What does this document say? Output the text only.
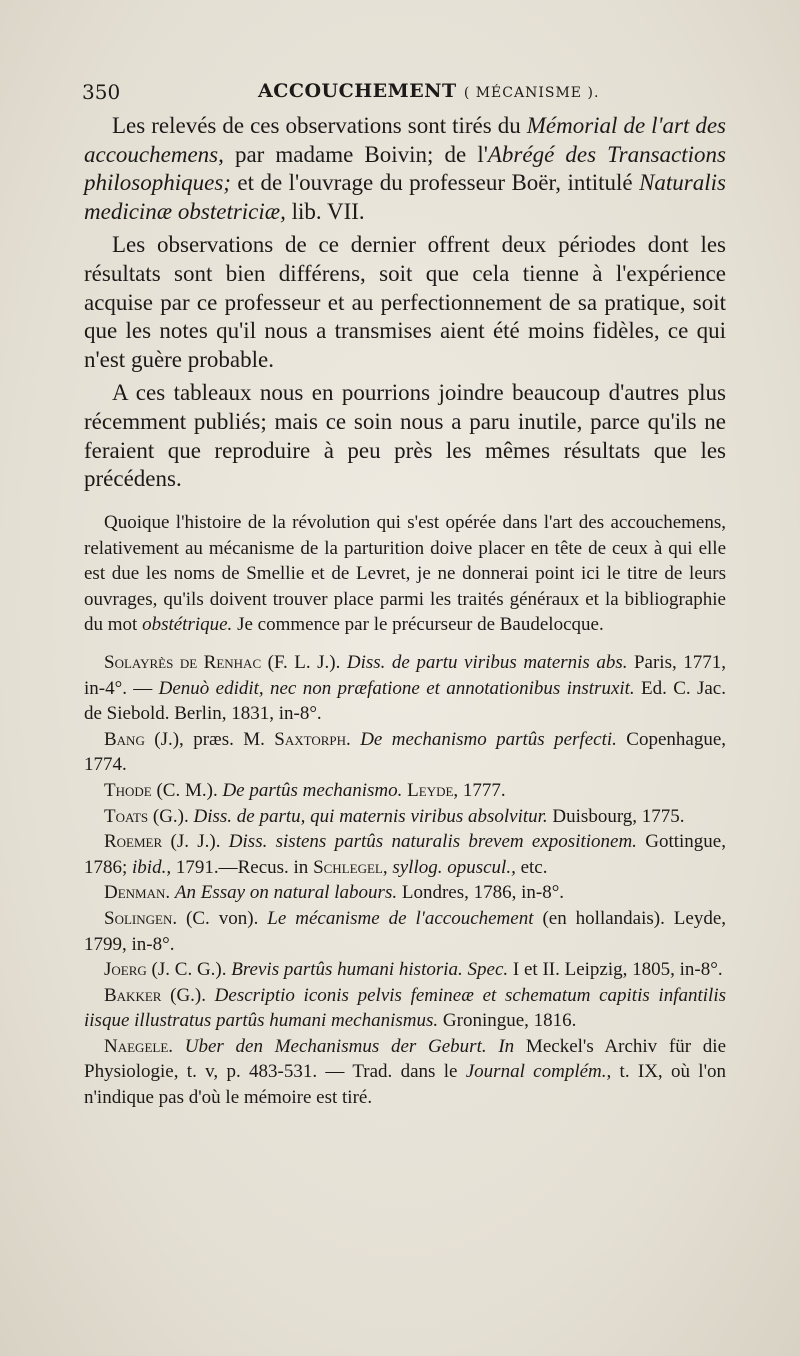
350	ACCOUCHEMENT ( MÉCANISME ).

Les relevés de ces observations sont tirés du Mémorial de l'art des accouchemens, par madame Boivin; de l'Abrégé des Transactions philosophiques; et de l'ouvrage du professeur Boër, intitulé Naturalis medicinæ obstetriciæ, lib. VII.

Les observations de ce dernier offrent deux périodes dont les résultats sont bien différens, soit que cela tienne à l'expérience acquise par ce professeur et au perfectionnement de sa pratique, soit que les notes qu'il nous a transmises aient été moins fidèles, ce qui n'est guère probable.

A ces tableaux nous en pourrions joindre beaucoup d'autres plus récemment publiés; mais ce soin nous a paru inutile, parce qu'ils ne feraient que reproduire à peu près les mêmes résultats que les précédens.

Quoique l'histoire de la révolution qui s'est opérée dans l'art des accouchemens, relativement au mécanisme de la parturition doive placer en tête de ceux à qui elle est due les noms de Smellie et de Levret, je ne donnerai point ici le titre de leurs ouvrages, qu'ils doivent trouver place parmi les traités généraux et la bibliographie du mot obstétrique. Je commence par le précurseur de Baudelocque.

Solayrès de Renhac (F. L. J.). Diss. de partu viribus maternis abs. Paris, 1771, in-4°. — Denuò edidit, nec non præfatione et annotationibus instruxit. Ed. C. Jac. de Siebold. Berlin, 1831, in-8°.

Bang (J.), præs. M. Saxtorph. De mechanismo partûs perfecti. Copenhague, 1774.

Thode (C. M.). De partûs mechanismo. Leyde, 1777.

Toats (G.). Diss. de partu, qui maternis viribus absolvitur. Duisbourg, 1775.

Roemer (J. J.). Diss. sistens partûs naturalis brevem expositionem. Gottingue, 1786; ibid., 1791.—Recus. in Schlegel, syllog. opuscul., etc.

Denman. An Essay on natural labours. Londres, 1786, in-8°.

Solingen. (C. von). Le mécanisme de l'accouchement (en hollandais). Leyde, 1799, in-8°.

Joerg (J. C. G.). Brevis partûs humani historia. Spec. I et II. Leipzig, 1805, in-8°.

Bakker (G.). Descriptio iconis pelvis femineæ et schematum capitis infantilis iisque illustratus partûs humani mechanismus. Groningue, 1816.

Naegele. Uber den Mechanismus der Geburt. In Meckel's Archiv für die Physiologie, t. v, p. 483-531. — Trad. dans le Journal complém., t. IX, où l'on n'indique pas d'où le mémoire est tiré.
